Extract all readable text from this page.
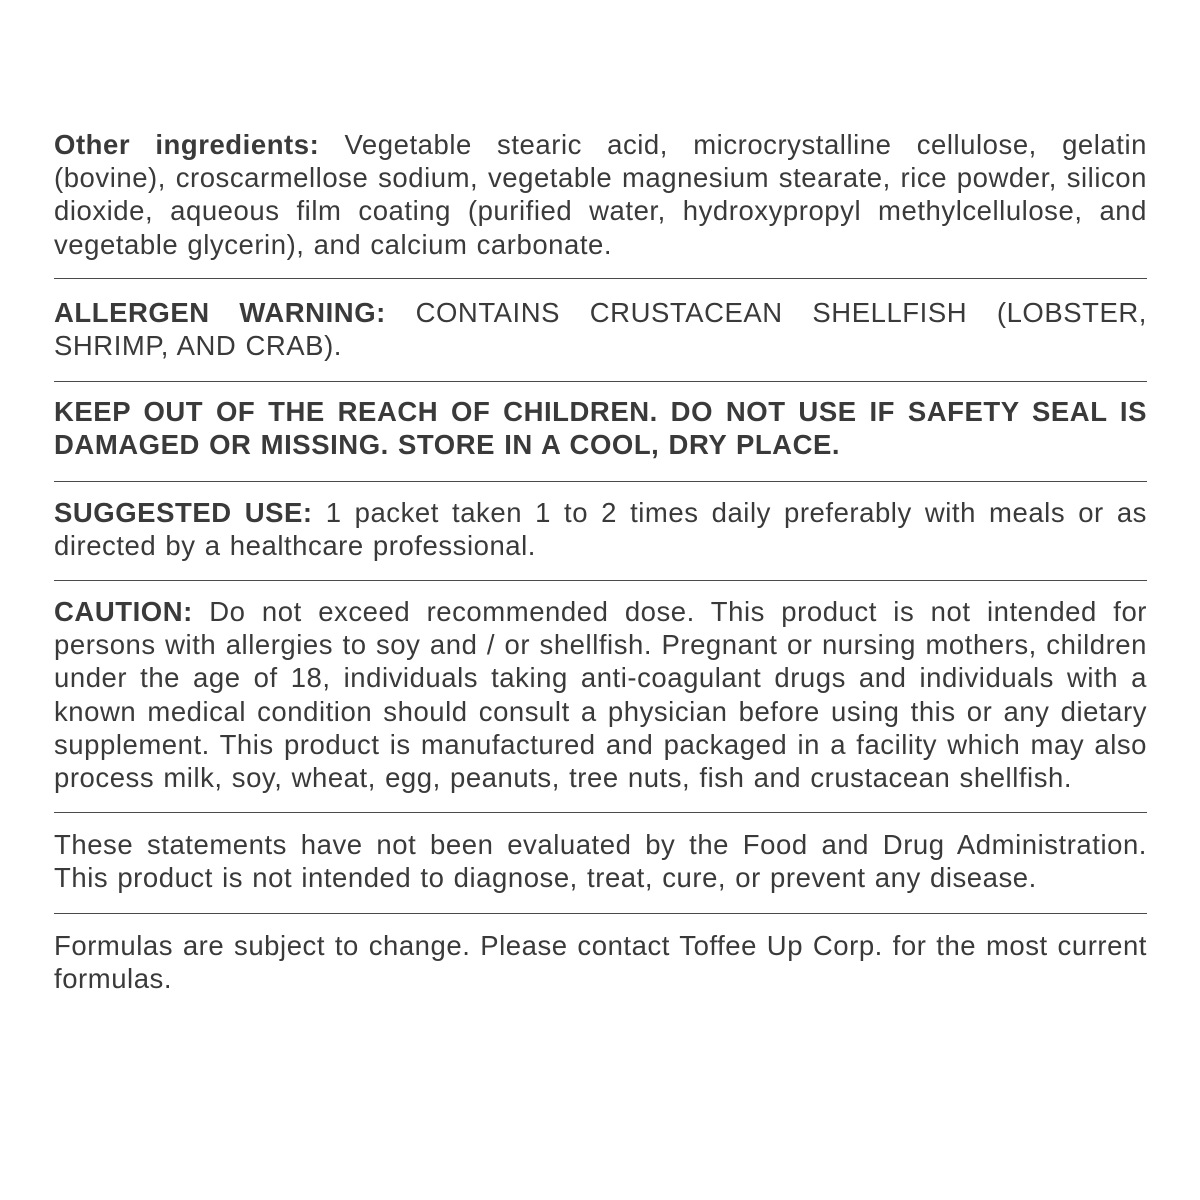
Other ingredients: Vegetable stearic acid, microcrystalline cellulose, gelatin (bovine), croscarmellose sodium, vegetable magnesium stearate, rice powder, silicon dioxide, aqueous film coating (purified water, hydroxypropyl methylcellulose, and vegetable glycerin), and calcium carbonate.

ALLERGEN WARNING: CONTAINS CRUSTACEAN SHELLFISH (LOBSTER, SHRIMP, AND CRAB).

KEEP OUT OF THE REACH OF CHILDREN. DO NOT USE IF SAFETY SEAL IS DAMAGED OR MISSING. STORE IN A COOL, DRY PLACE.

SUGGESTED USE: 1 packet taken 1 to 2 times daily preferably with meals or as directed by a healthcare professional.

CAUTION: Do not exceed recommended dose. This product is not intended for persons with allergies to soy and / or shellfish. Pregnant or nursing mothers, children under the age of 18, individuals taking anti-coagulant drugs and individuals with a known medical condition should consult a physician before using this or any dietary supplement. This product is manufactured and packaged in a facility which may also process milk, soy, wheat, egg, peanuts, tree nuts, fish and crustacean shellfish.

These statements have not been evaluated by the Food and Drug Administration. This product is not intended to diagnose, treat, cure, or prevent any disease.

Formulas are subject to change. Please contact Toffee Up Corp. for the most current formulas.
